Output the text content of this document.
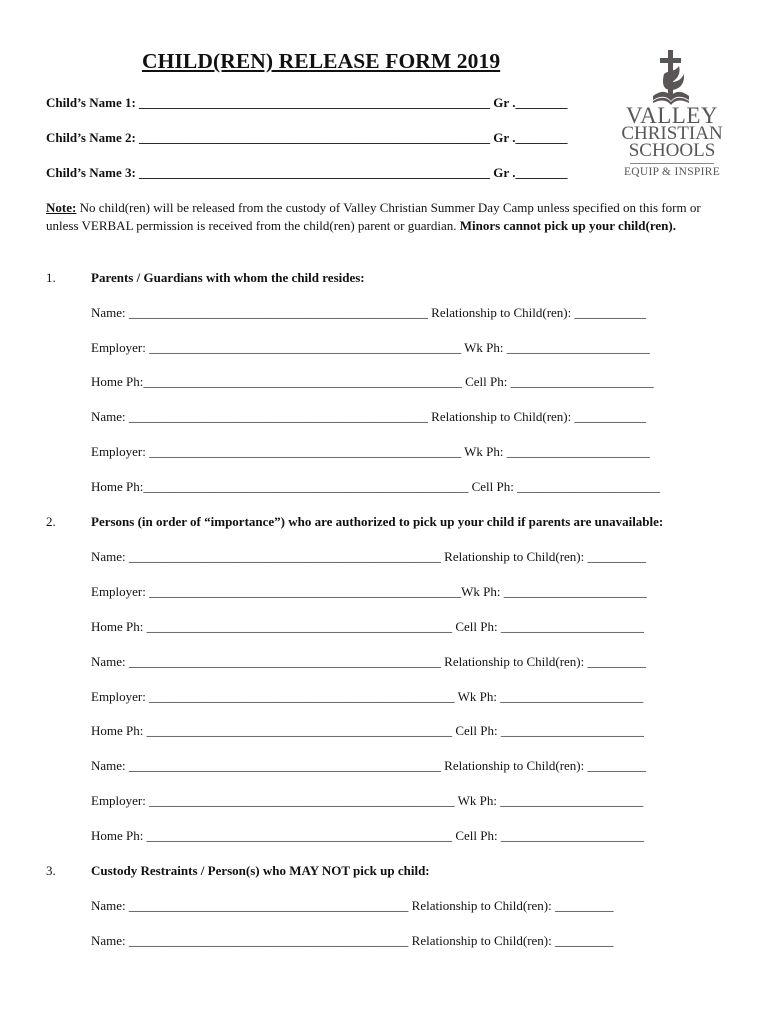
CHILD(REN) RELEASE FORM 2019
VALLEY
CHRISTIAN
SCHOOLS
EQUIP & INSPIRE
Child’s Name 1: ______________________________________________________ Gr .________
Child’s Name 2: ______________________________________________________ Gr .________
Child’s Name 3: ______________________________________________________ Gr .________
Note: No child(ren) will be released from the custody of Valley Christian Summer Day Camp unless specified on this form or unless VERBAL permission is received from the child(ren) parent or guardian. Minors cannot pick up your child(ren).
1.	Parents / Guardians with whom the child resides:
Name: ______________________________________________ Relationship to Child(ren): ___________
Employer: ________________________________________________ Wk Ph: ______________________
Home Ph:_________________________________________________ Cell Ph: ______________________
Name: ______________________________________________ Relationship to Child(ren): ___________
Employer: ________________________________________________ Wk Ph: ______________________
Home Ph:__________________________________________________ Cell Ph: ______________________
2.	Persons (in order of “importance”) who are authorized to pick up your child if parents are unavailable:
Name: ________________________________________________ Relationship to Child(ren): _________
Employer: ________________________________________________Wk Ph: ______________________
Home Ph: _______________________________________________ Cell Ph: ______________________
Name: ________________________________________________ Relationship to Child(ren): _________
Employer: _______________________________________________ Wk Ph: ______________________
Home Ph: _______________________________________________ Cell Ph: ______________________
Name: ________________________________________________ Relationship to Child(ren): _________
Employer: _______________________________________________ Wk Ph: ______________________
Home Ph: _______________________________________________ Cell Ph: ______________________
3.	Custody Restraints / Person(s) who MAY NOT pick up child:
Name: ___________________________________________ Relationship to Child(ren): _________
Name: ___________________________________________ Relationship to Child(ren): _________
